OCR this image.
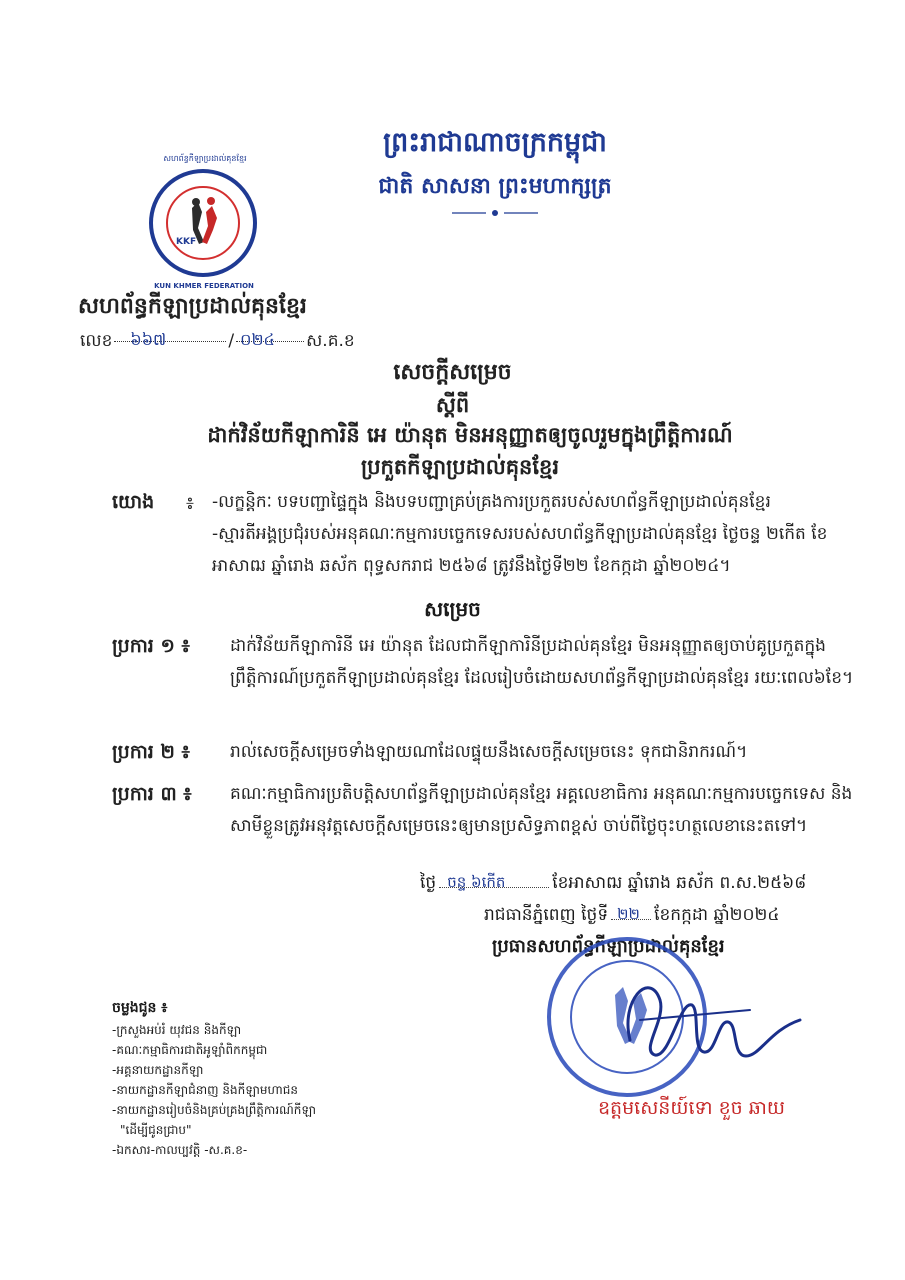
ព្រះរាជាណាចក្រកម្ពុជា
ជាតិ សាសនា ព្រះមហាក្សត្រ
KKF
សហព័ន្ធកីឡាប្រដាល់គុនខ្មែរ
KUN KHMER FEDERATION
សហព័ន្ធកីឡាប្រដាល់គុនខ្មែរ
លេខ ៦៦៧	/ ០២៤ ស.គ.ខ
សេចក្តីសម្រេច
ស្តីពី
ដាក់វិន័យកីឡាការិនី អេ យ៉ានុត មិនអនុញ្ញាតឲ្យចូលរួមក្នុងព្រឹត្តិការណ៍
ប្រកួតកីឡាប្រដាល់គុនខ្មែរ
យោង ៖ -លក្ខន្តិកៈ បទបញ្ជាផ្ទៃក្នុង និងបទបញ្ជាគ្រប់គ្រងការប្រកួតរបស់សហព័ន្ធកីឡាប្រដាល់គុនខ្មែរ
-ស្មារតីអង្គប្រជុំរបស់អនុគណៈកម្មការបច្ចេកទេសរបស់សហព័ន្ធកីឡាប្រដាល់គុនខ្មែរ ថ្ងៃចន្ទ ២កើត ខែអាសាឍ ឆ្នាំរោង ឆស័ក ពុទ្ធសករាជ ២៥៦៨ ត្រូវនឹងថ្ងៃទី២២ ខែកក្កដា ឆ្នាំ២០២៤។
សម្រេច
ប្រការ ១ ៖ ដាក់វិន័យកីឡាការិនី អេ យ៉ានុត ដែលជាកីឡាការិនីប្រដាល់គុនខ្មែរ មិនអនុញ្ញាតឲ្យចាប់គូប្រកួតក្នុងព្រឹត្តិការណ៍ប្រកួតកីឡាប្រដាល់គុនខ្មែរ ដែលរៀបចំដោយសហព័ន្ធកីឡាប្រដាល់គុនខ្មែរ រយៈពេល៦ខែ។
ប្រការ ២ ៖ រាល់សេចក្តីសម្រេចទាំងឡាយណាដែលផ្ទុយនឹងសេចក្តីសម្រេចនេះ ទុកជានិរាករណ៍។
ប្រការ ៣ ៖ គណៈកម្មាធិការប្រតិបត្តិសហព័ន្ធកីឡាប្រដាល់គុនខ្មែរ អគ្គលេខាធិការ អនុគណៈកម្មការបច្ចេកទេស និងសាមីខ្លួនត្រូវអនុវត្តសេចក្តីសម្រេចនេះឲ្យមានប្រសិទ្ធភាពខ្ពស់ ចាប់ពីថ្ងៃចុះហត្ថលេខានេះតទៅ។
ថ្ងៃ ចន្ទ ៦កើត	ខែអាសាឍ ឆ្នាំរោង ឆស័ក ព.ស.២៥៦៨
រាជធានីភ្នំពេញ ថ្ងៃទី ២២ ខែកក្កដា ឆ្នាំ២០២៤
ប្រធានសហព័ន្ធកីឡាប្រដាល់គុនខ្មែរ
ឧត្តមសេនីយ៍ទោ ខួច ឆាយ
ចម្លងជូន ៖
-ក្រសួងអប់រំ យុវជន និងកីឡា
-គណៈកម្មាធិការជាតិអូឡាំពិកកម្ពុជា
-អគ្គនាយកដ្ឋានកីឡា
-នាយកដ្ឋានកីឡាជំនាញ និងកីឡាមហាជន
-នាយកដ្ឋានរៀបចំនិងគ្រប់គ្រងព្រឹត្តិការណ៍កីឡា
"ដើម្បីជូនជ្រាប"
-ឯកសារ-កាលប្បវត្តិ -ស.គ.ខ-
